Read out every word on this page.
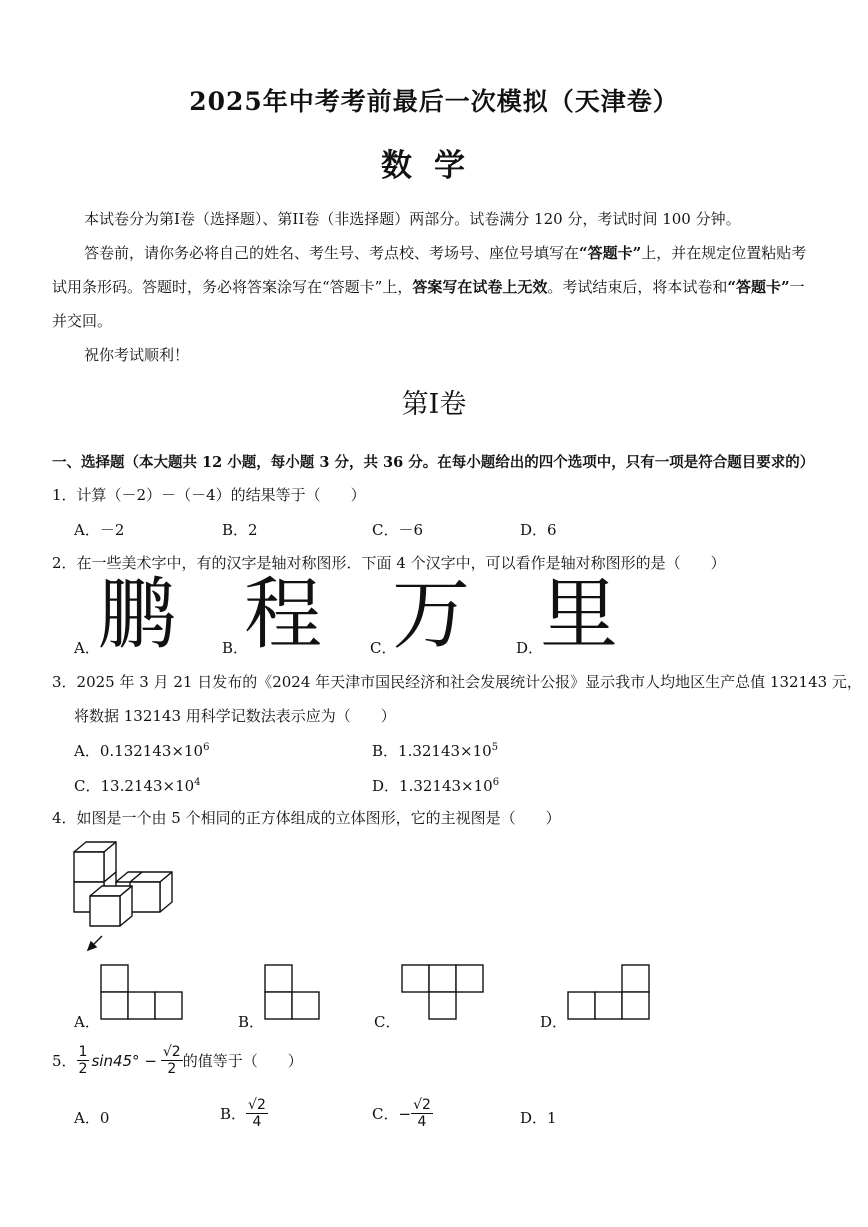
2025年中考考前最后一次模拟（天津卷）
数学
本试卷分为第I卷（选择题）、第II卷（非选择题）两部分。试卷满分 120 分，考试时间 100 分钟。
答卷前，请你务必将自己的姓名、考生号、考点校、考场号、座位号填写在“答题卡”上，并在规定位置粘贴考
试用条形码。答题时，务必将答案涂写在“答题卡”上，答案写在试卷上无效。考试结束后，将本试卷和“答题卡”一
并交回。
祝你考试顺利！
第I卷
一、选择题（本大题共 12 小题，每小题 3 分，共 36 分。在每小题给出的四个选项中，只有一项是符合题目要求的）
1．计算（－2）－（－4）的结果等于（　　）
A．－2	B．2	C．－6	D．6
2．在一些美术字中，有的汉字是轴对称图形．下面 4 个汉字中，可以看作是轴对称图形的是（　　）
A．
鹏	B．
程	C．
万	D．
里
3．2025 年 3 月 21 日发布的《2024 年天津市国民经济和社会发展统计公报》显示我市人均地区生产总值 132143 元，
将数据 132143 用科学记数法表示应为（　　）
A．$0.132143\times 10^6$	B．$1.32143\times 10^5$
C．$13.2143\times 10^4$	D．$1.32143\times 10^6$
4．如图是一个由 5 个相同的正方体组成的立体图形，它的主视图是（　　）
A．	B．	C．	D．
5． $\frac{1}{2} \sin 45^\circ - \frac{√2}{2}$ 的值等于（　　）
A．0	B． $\frac{√2}{4}$	C． − $\frac{√2}{4}$	D．1
